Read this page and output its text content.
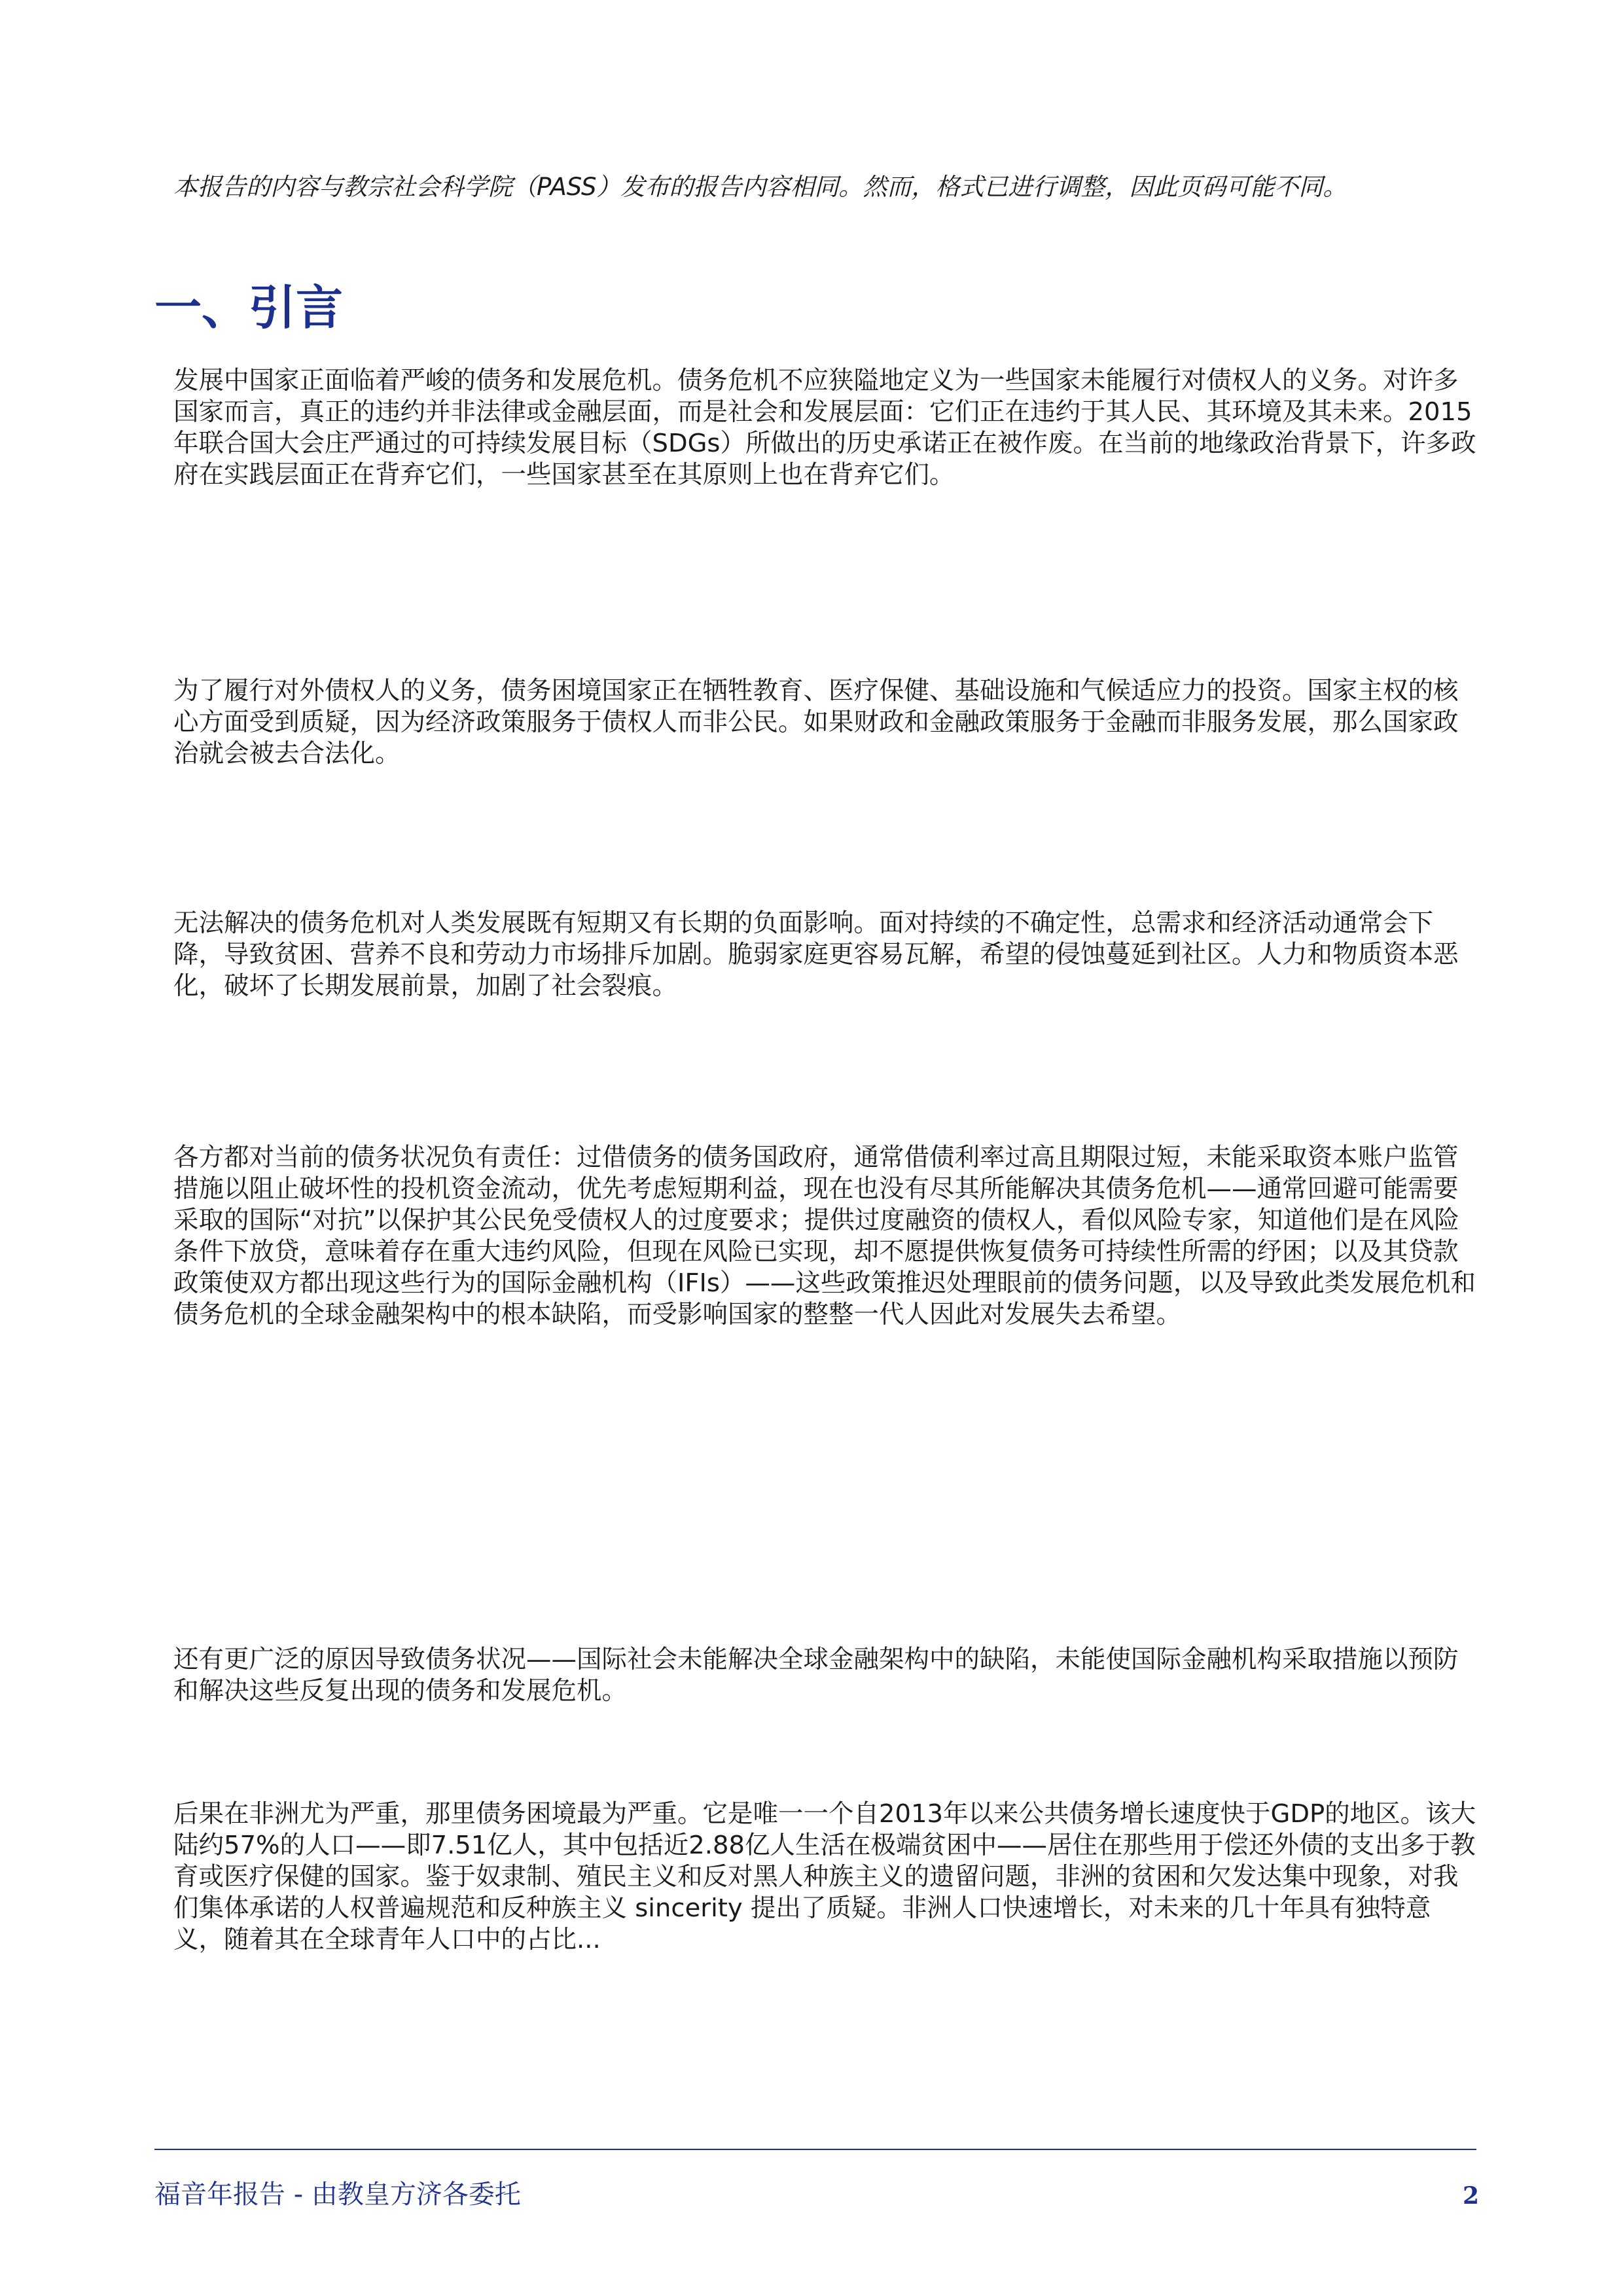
本报告的内容与教宗社会科学院（PASS）发布的报告内容相同。然而，格式已进行调整，因此页码可能不同。

一、引言

发展中国家正面临着严峻的债务和发展危机。债务危机不应狭隘地定义为一些国家未能履行对债权人的义务。对许多国家而言，真正的违约并非法律或金融层面，而是社会和发展层面：它们正在违约于其人民、其环境及其未来。2015年联合国大会庄严通过的可持续发展目标（SDGs）所做出的历史承诺正在被作废。在当前的地缘政治背景下，许多政府在实践层面正在背弃它们，一些国家甚至在其原则上也在背弃它们。

为了履行对外债权人的义务，债务困境国家正在牺牲教育、医疗保健、基础设施和气候适应力的投资。国家主权的核心方面受到质疑，因为经济政策服务于债权人而非公民。如果财政和金融政策服务于金融而非服务发展，那么国家政治就会被去合法化。

无法解决的债务危机对人类发展既有短期又有长期的负面影响。面对持续的不确定性，总需求和经济活动通常会下降，导致贫困、营养不良和劳动力市场排斥加剧。脆弱家庭更容易瓦解，希望的侵蚀蔓延到社区。人力和物质资本恶化，破坏了长期发展前景，加剧了社会裂痕。

各方都对当前的债务状况负有责任：过借债务的债务国政府，通常借债利率过高且期限过短，未能采取资本账户监管措施以阻止破坏性的投机资金流动，优先考虑短期利益，现在也没有尽其所能解决其债务危机——通常回避可能需要采取的国际“对抗”以保护其公民免受债权人的过度要求；提供过度融资的债权人，看似风险专家，知道他们是在风险条件下放贷，意味着存在重大违约风险，但现在风险已实现，却不愿提供恢复债务可持续性所需的纾困；以及其贷款政策使双方都出现这些行为的国际金融机构（IFIs）——这些政策推迟处理眼前的债务问题，以及导致此类发展危机和债务危机的全球金融架构中的根本缺陷，而受影响国家的整整一代人因此对发展失去希望。

还有更广泛的原因导致债务状况——国际社会未能解决全球金融架构中的缺陷，未能使国际金融机构采取措施以预防和解决这些反复出现的债务和发展危机。

后果在非洲尤为严重，那里债务困境最为严重。它是唯一一个自2013年以来公共债务增长速度快于GDP的地区。该大陆约57%的人口——即7.51亿人，其中包括近2.88亿人生活在极端贫困中——居住在那些用于偿还外债的支出多于教育或医疗保健的国家。鉴于奴隶制、殖民主义和反对黑人种族主义的遗留问题，非洲的贫困和欠发达集中现象，对我们集体承诺的人权普遍规范和反种族主义 sincerity 提出了质疑。非洲人口快速增长，对未来的几十年具有独特意义，随着其在全球青年人口中的占比...

福音年报告 - 由教皇方济各委托	2
